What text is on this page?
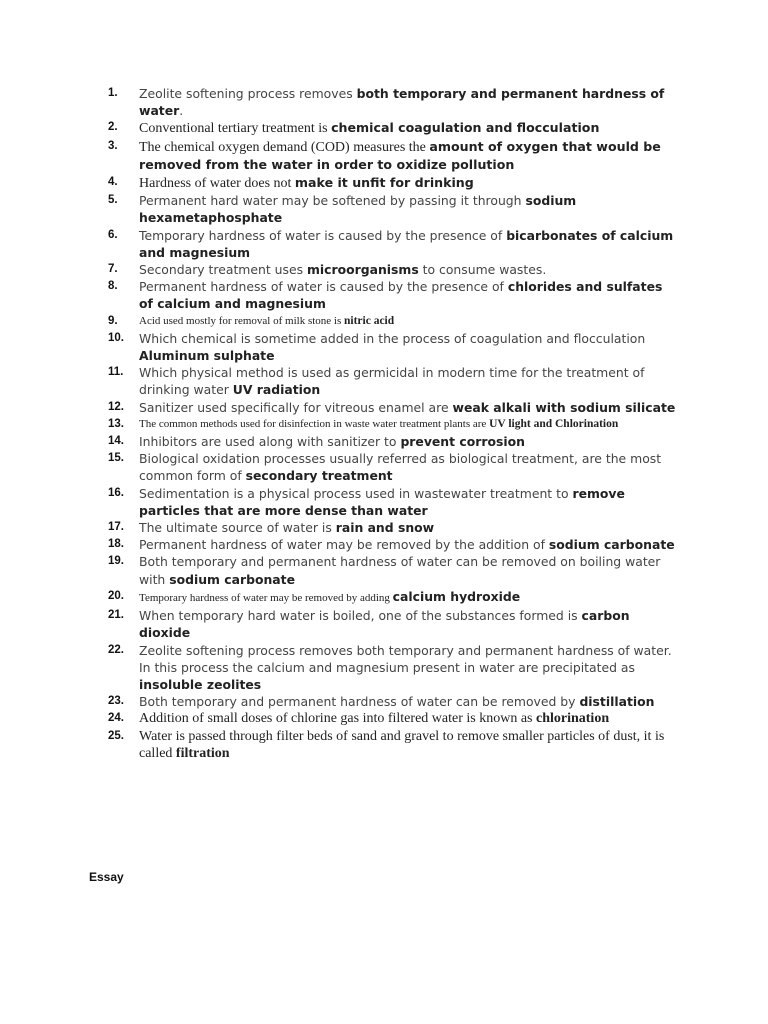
1.	Zeolite softening process removes both temporary and permanent hardness of water.
2.	Conventional tertiary treatment is chemical coagulation and flocculation
3.	The chemical oxygen demand (COD) measures the amount of oxygen that would be removed from the water in order to oxidize pollution
4.	Hardness of water does not make it unfit for drinking
5.	Permanent hard water may be softened by passing it through sodium hexametaphosphate
6.	Temporary hardness of water is caused by the presence of bicarbonates of calcium and magnesium
7.	Secondary treatment uses microorganisms to consume wastes.
8.	Permanent hardness of water is caused by the presence of chlorides and sulfates of calcium and magnesium
9.	Acid used mostly for removal of milk stone is nitric acid
10.	Which chemical is sometime added in the process of coagulation and flocculation Aluminum sulphate
11.	Which physical method is used as germicidal in modern time for the treatment of drinking water UV radiation
12.	Sanitizer used specifically for vitreous enamel are weak alkali with sodium silicate
13.	The common methods used for disinfection in waste water treatment plants are UV light and Chlorination
14.	Inhibitors are used along with sanitizer to prevent corrosion
15.	Biological oxidation processes usually referred as biological treatment, are the most common form of secondary treatment
16.	Sedimentation is a physical process used in wastewater treatment to remove particles that are more dense than water
17.	The ultimate source of water is rain and snow
18.	Permanent hardness of water may be removed by the addition of sodium carbonate
19.	Both temporary and permanent hardness of water can be removed on boiling water with sodium carbonate
20.	Temporary hardness of water may be removed by adding calcium hydroxide
21.	When temporary hard water is boiled, one of the substances formed is carbon dioxide
22.	Zeolite softening process removes both temporary and permanent hardness of water. In this process the calcium and magnesium present in water are precipitated as insoluble zeolites
23.	Both temporary and permanent hardness of water can be removed by distillation
24. Addition of small doses of chlorine gas into filtered water is known as chlorination
25. Water is passed through filter beds of sand and gravel to remove smaller particles of dust, it is called filtration

Essay
